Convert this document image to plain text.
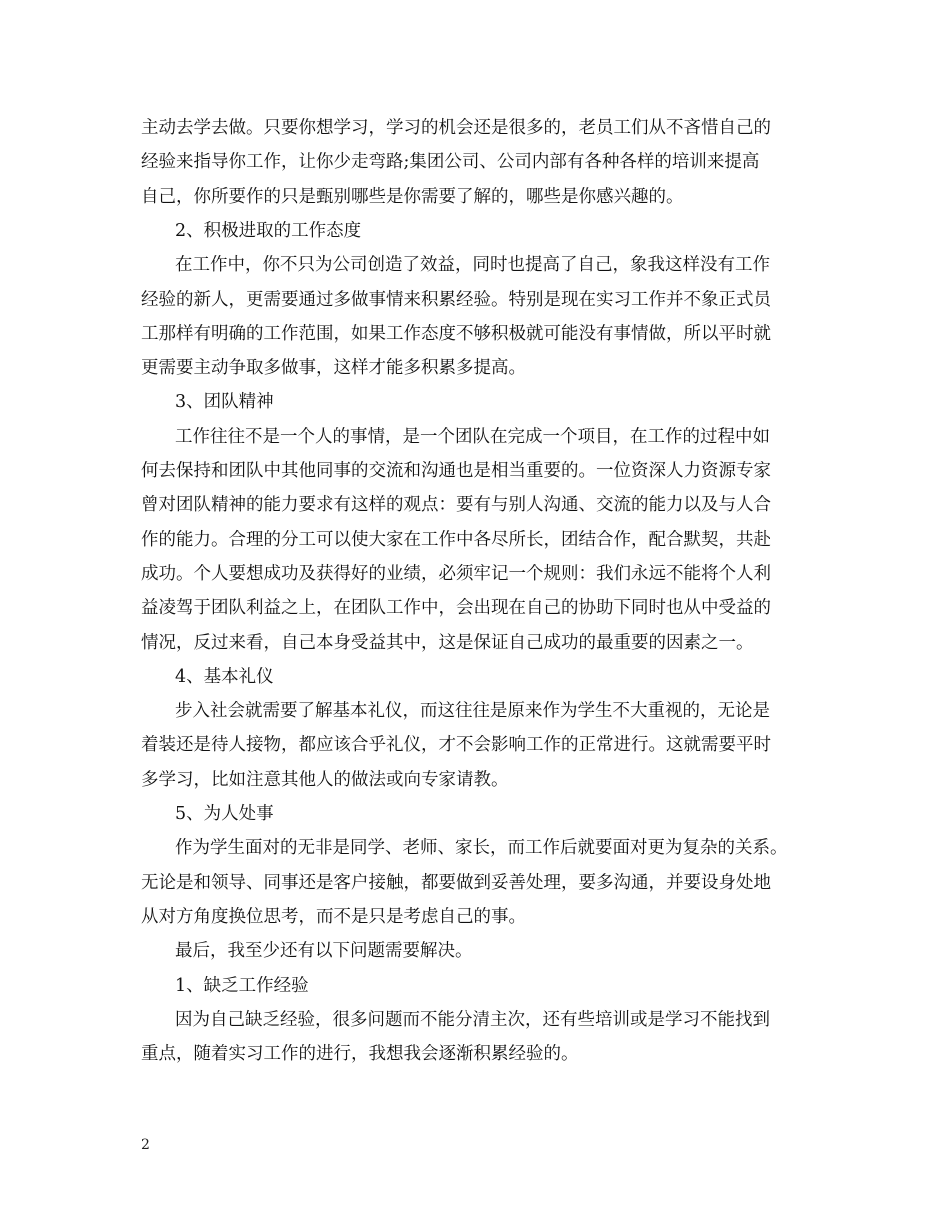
主动去学去做。只要你想学习，学习的机会还是很多的，老员工们从不吝惜自己的
经验来指导你工作，让你少走弯路;集团公司、公司内部有各种各样的培训来提高
自己，你所要作的只是甄别哪些是你需要了解的，哪些是你感兴趣的。
2、积极进取的工作态度
在工作中，你不只为公司创造了效益，同时也提高了自己，象我这样没有工作
经验的新人，更需要通过多做事情来积累经验。特别是现在实习工作并不象正式员
工那样有明确的工作范围，如果工作态度不够积极就可能没有事情做，所以平时就
更需要主动争取多做事，这样才能多积累多提高。
3、团队精神
工作往往不是一个人的事情，是一个团队在完成一个项目，在工作的过程中如
何去保持和团队中其他同事的交流和沟通也是相当重要的。一位资深人力资源专家
曾对团队精神的能力要求有这样的观点：要有与别人沟通、交流的能力以及与人合
作的能力。合理的分工可以使大家在工作中各尽所长，团结合作，配合默契，共赴
成功。个人要想成功及获得好的业绩，必须牢记一个规则：我们永远不能将个人利
益凌驾于团队利益之上，在团队工作中，会出现在自己的协助下同时也从中受益的
情况，反过来看，自己本身受益其中，这是保证自己成功的最重要的因素之一。
4、基本礼仪
步入社会就需要了解基本礼仪，而这往往是原来作为学生不大重视的，无论是
着装还是待人接物，都应该合乎礼仪，才不会影响工作的正常进行。这就需要平时
多学习，比如注意其他人的做法或向专家请教。
5、为人处事
作为学生面对的无非是同学、老师、家长，而工作后就要面对更为复杂的关系。
无论是和领导、同事还是客户接触，都要做到妥善处理，要多沟通，并要设身处地
从对方角度换位思考，而不是只是考虑自己的事。
最后，我至少还有以下问题需要解决。
1、缺乏工作经验
因为自己缺乏经验，很多问题而不能分清主次，还有些培训或是学习不能找到
重点，随着实习工作的进行，我想我会逐渐积累经验的。
2
